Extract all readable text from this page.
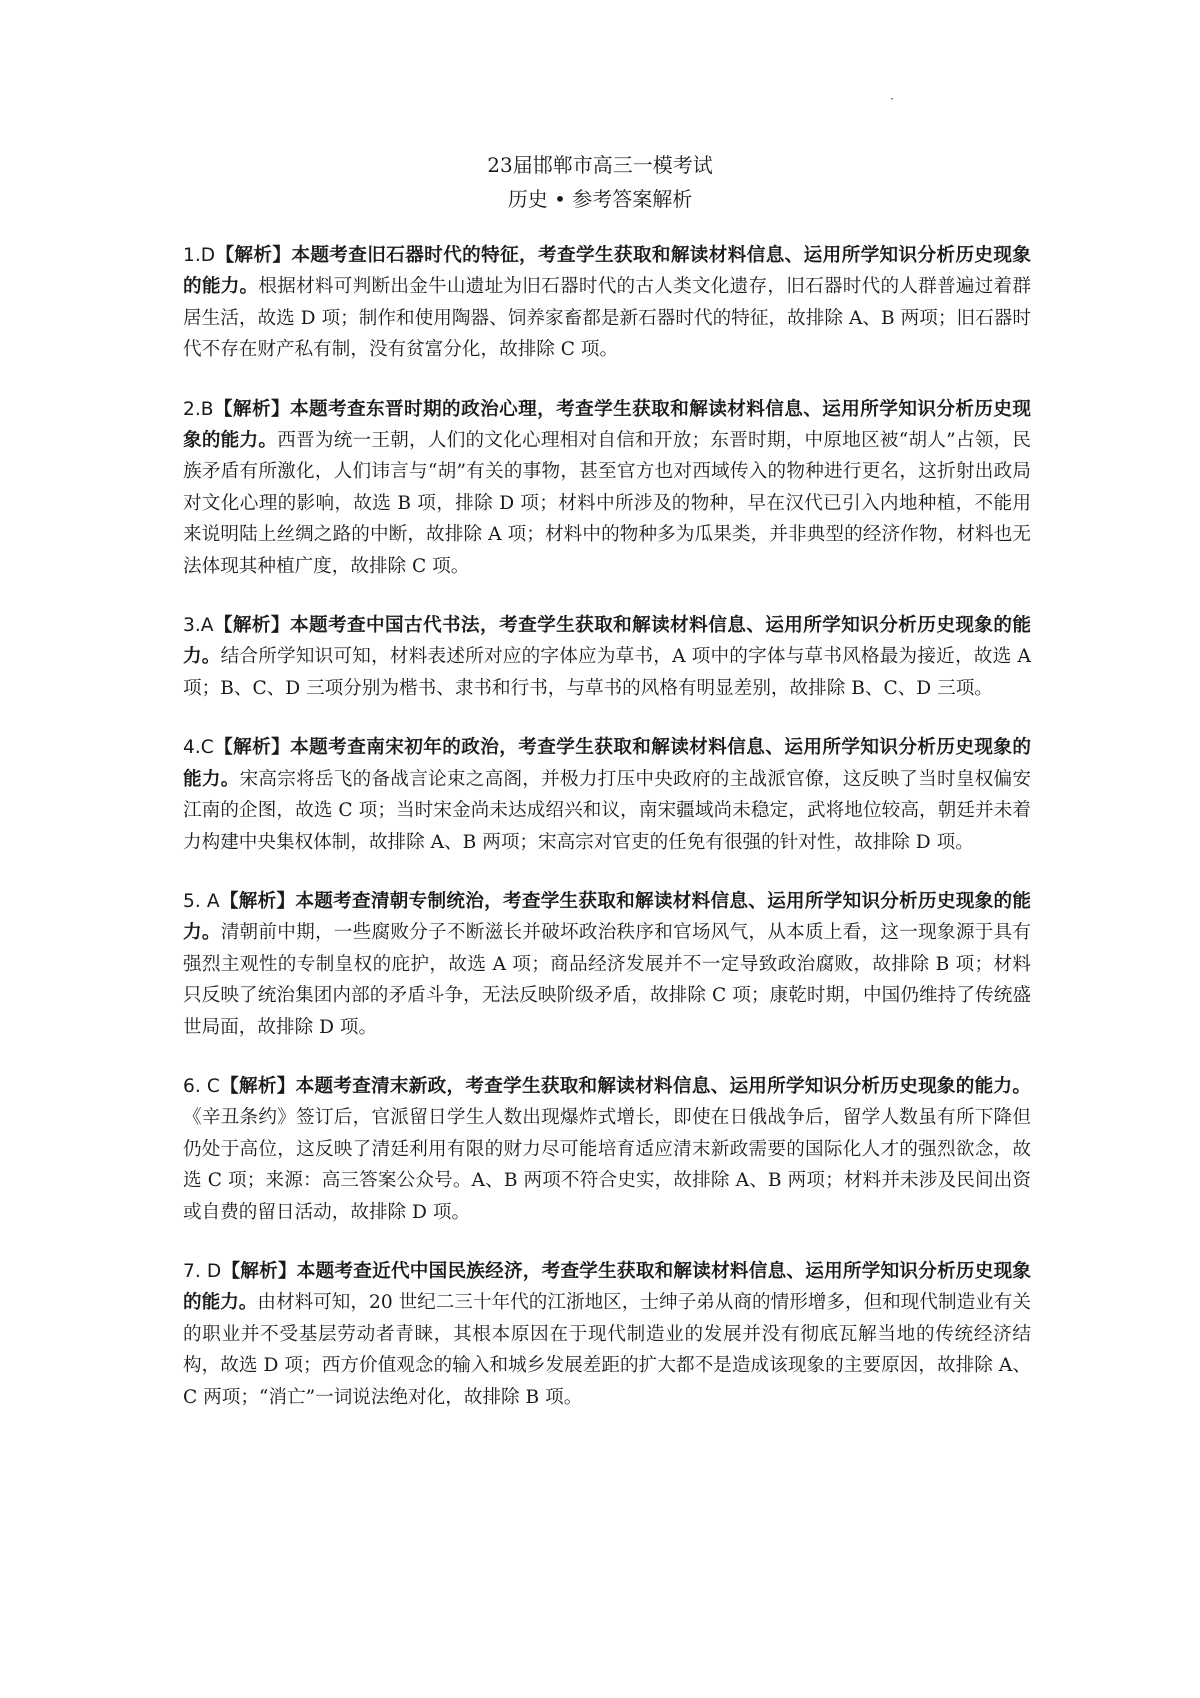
·
23届邯郸市高三一模考试
历史 • 参考答案解析

1.D【解析】本题考查旧石器时代的特征，考查学生获取和解读材料信息、运用所学知识分析历史现象的能力。根据材料可判断出金牛山遗址为旧石器时代的古人类文化遗存，旧石器时代的人群普遍过着群居生活，故选 D 项；制作和使用陶器、饲养家畜都是新石器时代的特征，故排除 A、B 两项；旧石器时代不存在财产私有制，没有贫富分化，故排除 C 项。

2.B【解析】本题考查东晋时期的政治心理，考查学生获取和解读材料信息、运用所学知识分析历史现象的能力。西晋为统一王朝，人们的文化心理相对自信和开放；东晋时期，中原地区被“胡人”占领，民族矛盾有所激化，人们讳言与“胡”有关的事物，甚至官方也对西域传入的物种进行更名，这折射出政局对文化心理的影响，故选 B 项，排除 D 项；材料中所涉及的物种，早在汉代已引入内地种植，不能用来说明陆上丝绸之路的中断，故排除 A 项；材料中的物种多为瓜果类，并非典型的经济作物，材料也无法体现其种植广度，故排除 C 项。

3.A【解析】本题考查中国古代书法，考查学生获取和解读材料信息、运用所学知识分析历史现象的能力。结合所学知识可知，材料表述所对应的字体应为草书，A 项中的字体与草书风格最为接近，故选 A 项；B、C、D 三项分别为楷书、隶书和行书，与草书的风格有明显差别，故排除 B、C、D 三项。

4.C【解析】本题考查南宋初年的政治，考查学生获取和解读材料信息、运用所学知识分析历史现象的能力。宋高宗将岳飞的备战言论束之高阁，并极力打压中央政府的主战派官僚，这反映了当时皇权偏安江南的企图，故选 C 项；当时宋金尚未达成绍兴和议，南宋疆域尚未稳定，武将地位较高，朝廷并未着力构建中央集权体制，故排除 A、B 两项；宋高宗对官吏的任免有很强的针对性，故排除 D 项。

5. A【解析】本题考查清朝专制统治，考查学生获取和解读材料信息、运用所学知识分析历史现象的能力。清朝前中期，一些腐败分子不断滋长并破坏政治秩序和官场风气，从本质上看，这一现象源于具有强烈主观性的专制皇权的庇护，故选 A 项；商品经济发展并不一定导致政治腐败，故排除 B 项；材料只反映了统治集团内部的矛盾斗争，无法反映阶级矛盾，故排除 C 项；康乾时期，中国仍维持了传统盛世局面，故排除 D 项。

6. C【解析】本题考查清末新政，考查学生获取和解读材料信息、运用所学知识分析历史现象的能力。《辛丑条约》签订后，官派留日学生人数出现爆炸式增长，即使在日俄战争后，留学人数虽有所下降但仍处于高位，这反映了清廷利用有限的财力尽可能培育适应清末新政需要的国际化人才的强烈欲念，故选 C 项；来源：高三答案公众号。A、B 两项不符合史实，故排除 A、B 两项；材料并未涉及民间出资或自费的留日活动，故排除 D 项。

7. D【解析】本题考查近代中国民族经济，考查学生获取和解读材料信息、运用所学知识分析历史现象的能力。由材料可知，20 世纪二三十年代的江浙地区，士绅子弟从商的情形增多，但和现代制造业有关的职业并不受基层劳动者青睐，其根本原因在于现代制造业的发展并没有彻底瓦解当地的传统经济结构，故选 D 项；西方价值观念的输入和城乡发展差距的扩大都不是造成该现象的主要原因，故排除 A、C 两项；“消亡”一词说法绝对化，故排除 B 项。
